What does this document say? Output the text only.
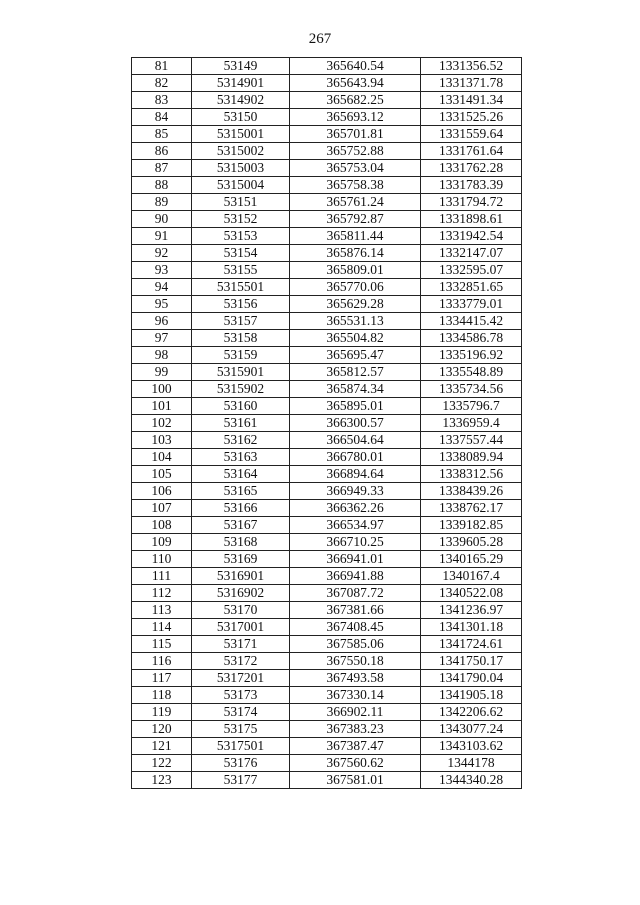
267
81	53149	365640.54	1331356.52
82	5314901	365643.94	1331371.78
83	5314902	365682.25	1331491.34
84	53150	365693.12	1331525.26
85	5315001	365701.81	1331559.64
86	5315002	365752.88	1331761.64
87	5315003	365753.04	1331762.28
88	5315004	365758.38	1331783.39
89	53151	365761.24	1331794.72
90	53152	365792.87	1331898.61
91	53153	365811.44	1331942.54
92	53154	365876.14	1332147.07
93	53155	365809.01	1332595.07
94	5315501	365770.06	1332851.65
95	53156	365629.28	1333779.01
96	53157	365531.13	1334415.42
97	53158	365504.82	1334586.78
98	53159	365695.47	1335196.92
99	5315901	365812.57	1335548.89
100	5315902	365874.34	1335734.56
101	53160	365895.01	1335796.7
102	53161	366300.57	1336959.4
103	53162	366504.64	1337557.44
104	53163	366780.01	1338089.94
105	53164	366894.64	1338312.56
106	53165	366949.33	1338439.26
107	53166	366362.26	1338762.17
108	53167	366534.97	1339182.85
109	53168	366710.25	1339605.28
110	53169	366941.01	1340165.29
111	5316901	366941.88	1340167.4
112	5316902	367087.72	1340522.08
113	53170	367381.66	1341236.97
114	5317001	367408.45	1341301.18
115	53171	367585.06	1341724.61
116	53172	367550.18	1341750.17
117	5317201	367493.58	1341790.04
118	53173	367330.14	1341905.18
119	53174	366902.11	1342206.62
120	53175	367383.23	1343077.24
121	5317501	367387.47	1343103.62
122	53176	367560.62	1344178
123	53177	367581.01	1344340.28
